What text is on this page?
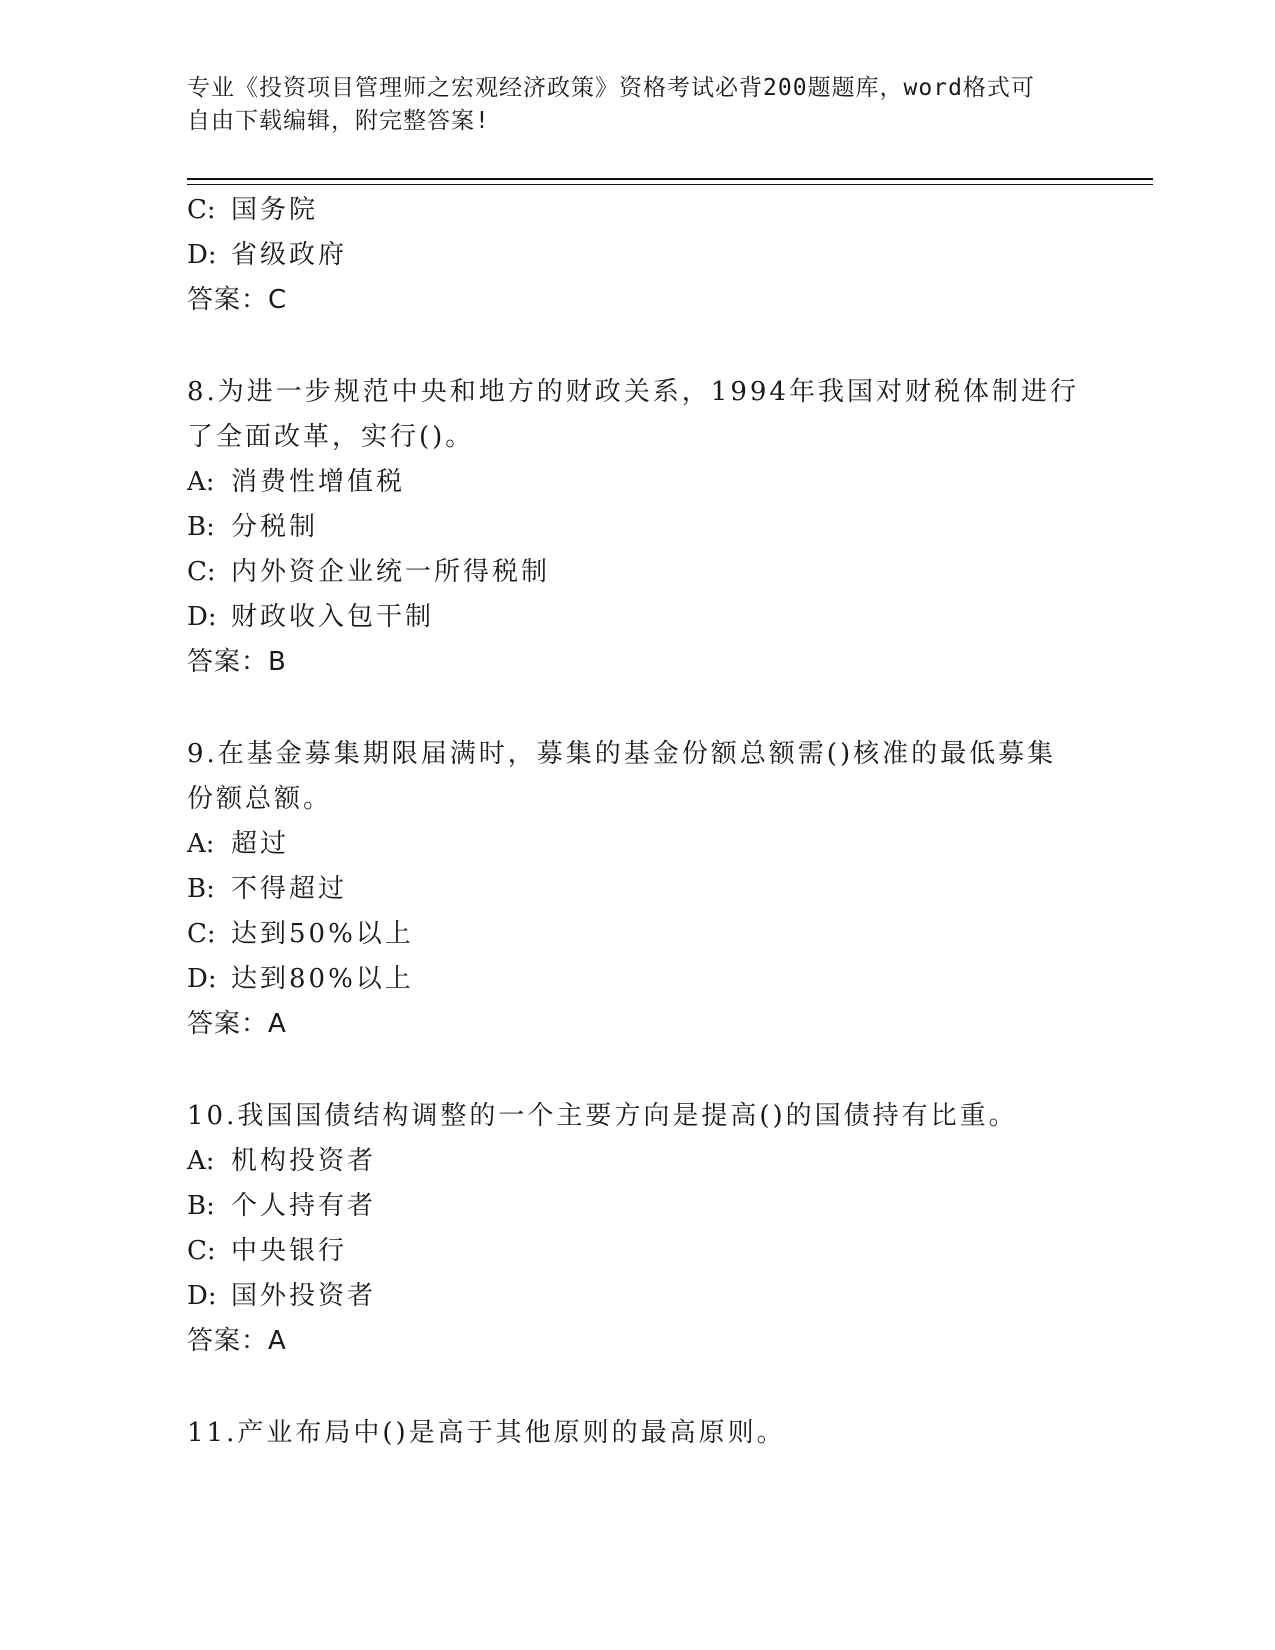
专业《投资项目管理师之宏观经济政策》资格考试必背200题题库，word格式可
自由下载编辑，附完整答案!
C: 国务院
D: 省级政府
答案：C
8.为进一步规范中央和地方的财政关系，1994年我国对财税体制进行
了全面改革，实行()。
A: 消费性增值税
B: 分税制
C: 内外资企业统一所得税制
D: 财政收入包干制
答案：B
9.在基金募集期限届满时，募集的基金份额总额需()核准的最低募集
份额总额。
A: 超过
B: 不得超过
C: 达到50%以上
D: 达到80%以上
答案：A
10.我国国债结构调整的一个主要方向是提高()的国债持有比重。
A: 机构投资者
B: 个人持有者
C: 中央银行
D: 国外投资者
答案：A
11.产业布局中()是高于其他原则的最高原则。
